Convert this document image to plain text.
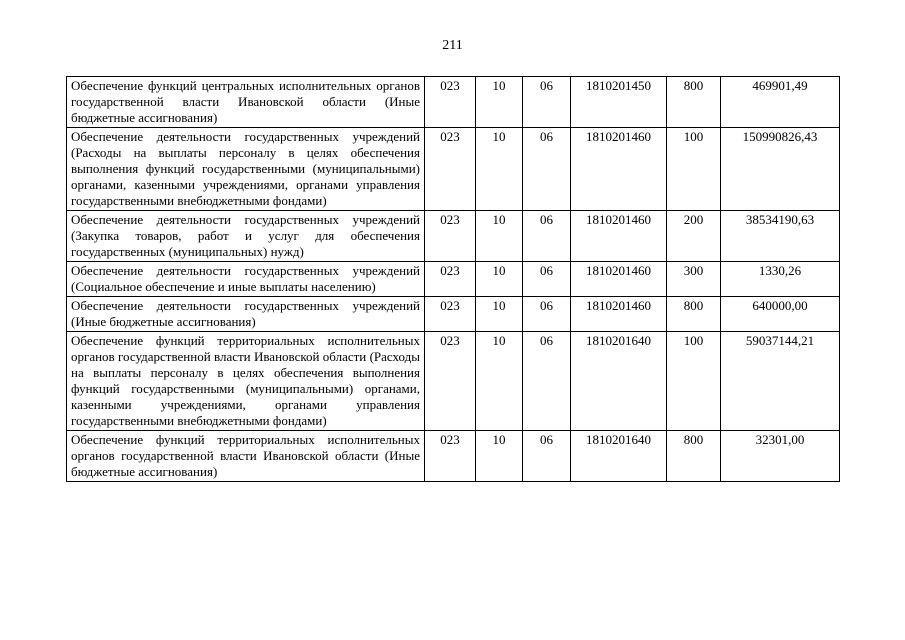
211
Обеспечение функций центральных исполнительных органов государственной власти Ивановской области (Иные бюджетные ассигнования)	023	10	06	1810201450	800	469901,49
Обеспечение деятельности государственных учреждений (Расходы на выплаты персоналу в целях обеспечения выполнения функций государственными (муниципальными) органами, казенными учреждениями, органами управления государственными внебюджетными фондами)	023	10	06	1810201460	100	150990826,43
Обеспечение деятельности государственных учреждений (Закупка товаров, работ и услуг для обеспечения государственных (муниципальных) нужд)	023	10	06	1810201460	200	38534190,63
Обеспечение деятельности государственных учреждений (Социальное обеспечение и иные выплаты населению)	023	10	06	1810201460	300	1330,26
Обеспечение деятельности государственных учреждений (Иные бюджетные ассигнования)	023	10	06	1810201460	800	640000,00
Обеспечение функций территориальных исполнительных органов государственной власти Ивановской области (Расходы на выплаты персоналу в целях обеспечения выполнения функций государственными (муниципальными) органами, казенными учреждениями, органами управления государственными внебюджетными фондами)	023	10	06	1810201640	100	59037144,21
Обеспечение функций территориальных исполнительных органов государственной власти Ивановской области (Иные бюджетные ассигнования)	023	10	06	1810201640	800	32301,00
